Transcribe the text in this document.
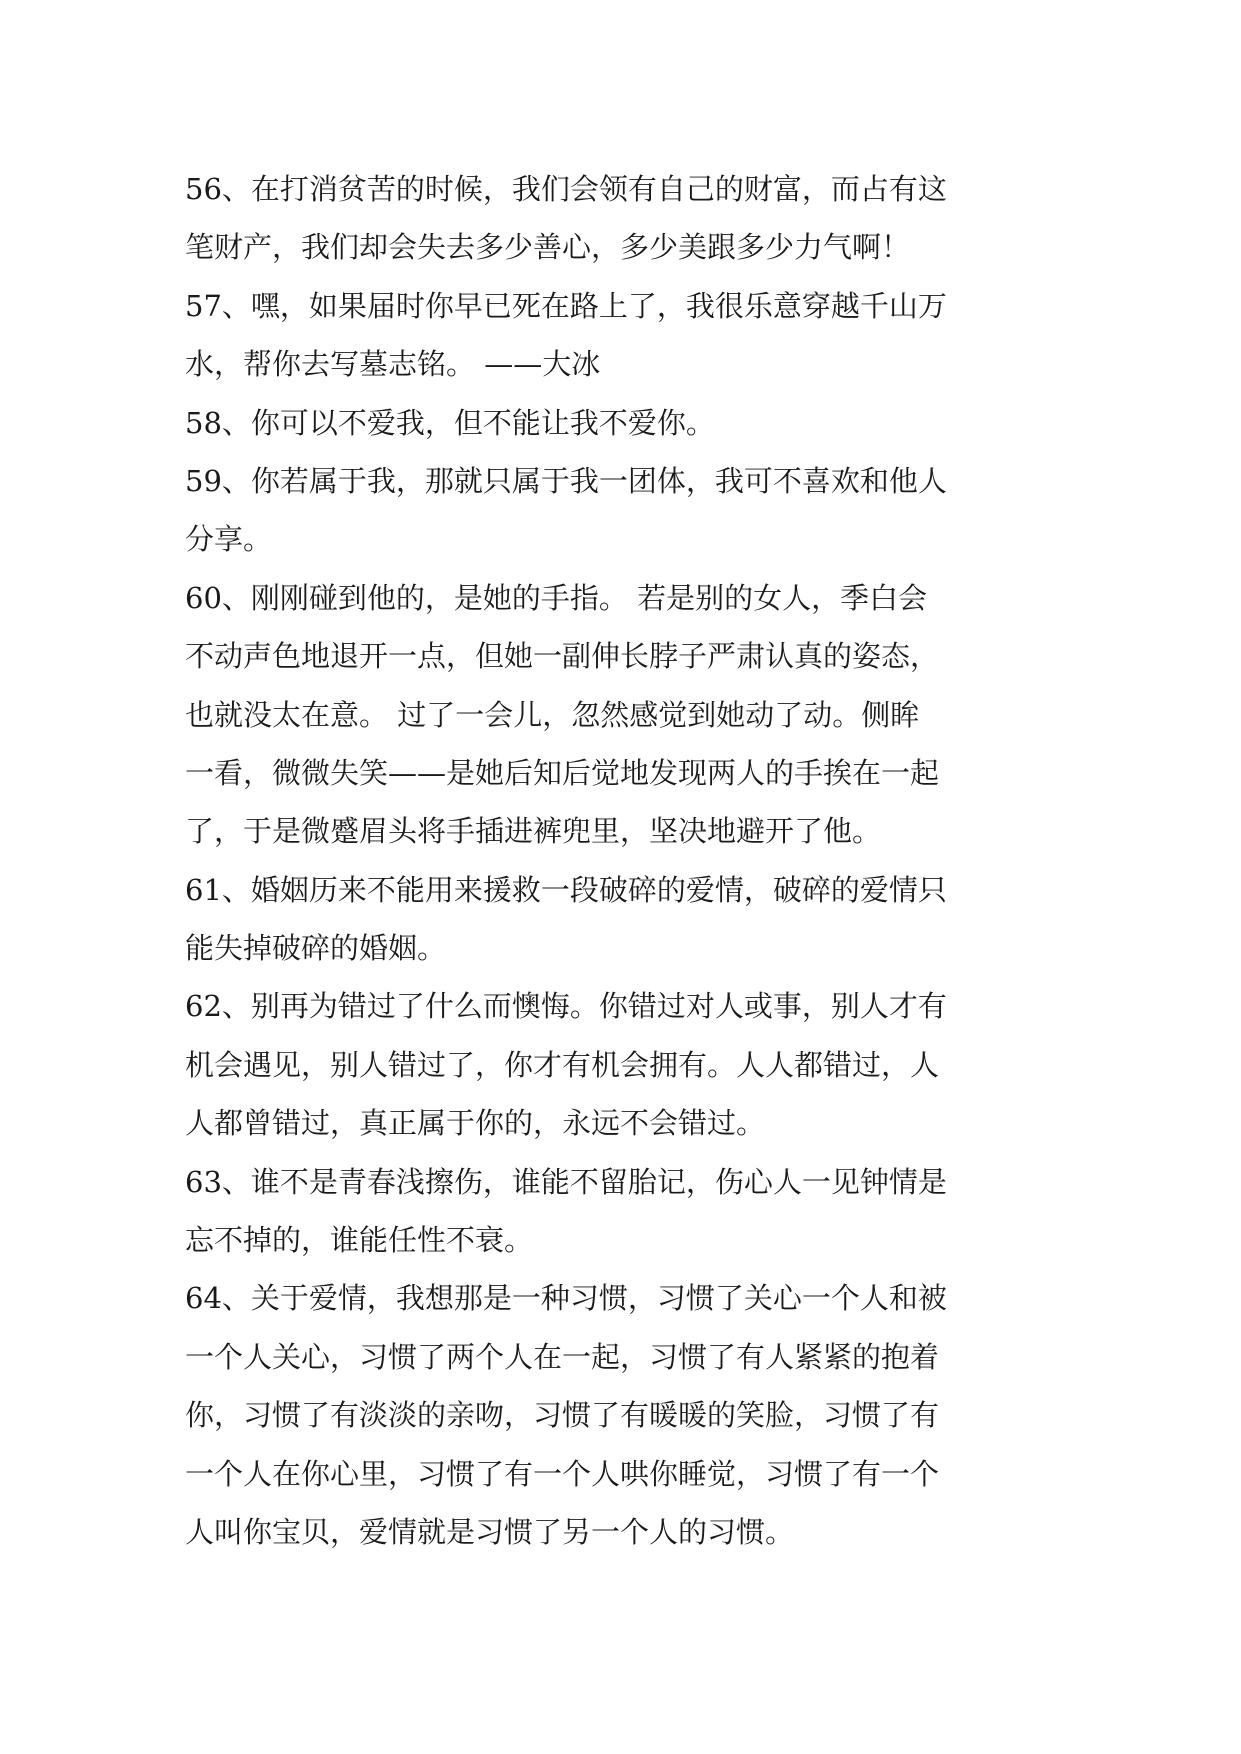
56、在打消贫苦的时候，我们会领有自己的财富，而占有这
笔财产，我们却会失去多少善心，多少美跟多少力气啊！
57、嘿，如果届时你早已死在路上了，我很乐意穿越千山万
水，帮你去写墓志铭。 ——大冰
58、你可以不爱我，但不能让我不爱你。
59、你若属于我，那就只属于我一团体，我可不喜欢和他人
分享。
60、刚刚碰到他的，是她的手指。 若是别的女人，季白会
不动声色地退开一点，但她一副伸长脖子严肃认真的姿态，
也就没太在意。 过了一会儿，忽然感觉到她动了动。侧眸
一看，微微失笑——是她后知后觉地发现两人的手挨在一起
了，于是微蹙眉头将手插进裤兜里，坚决地避开了他。
61、婚姻历来不能用来援救一段破碎的爱情，破碎的爱情只
能失掉破碎的婚姻。
62、别再为错过了什么而懊悔。你错过对人或事，别人才有
机会遇见，别人错过了，你才有机会拥有。人人都错过，人
人都曾错过，真正属于你的，永远不会错过。
63、谁不是青春浅擦伤，谁能不留胎记，伤心人一见钟情是
忘不掉的，谁能任性不衰。
64、关于爱情，我想那是一种习惯，习惯了关心一个人和被
一个人关心，习惯了两个人在一起，习惯了有人紧紧的抱着
你，习惯了有淡淡的亲吻，习惯了有暖暖的笑脸，习惯了有
一个人在你心里，习惯了有一个人哄你睡觉，习惯了有一个
人叫你宝贝，爱情就是习惯了另一个人的习惯。
